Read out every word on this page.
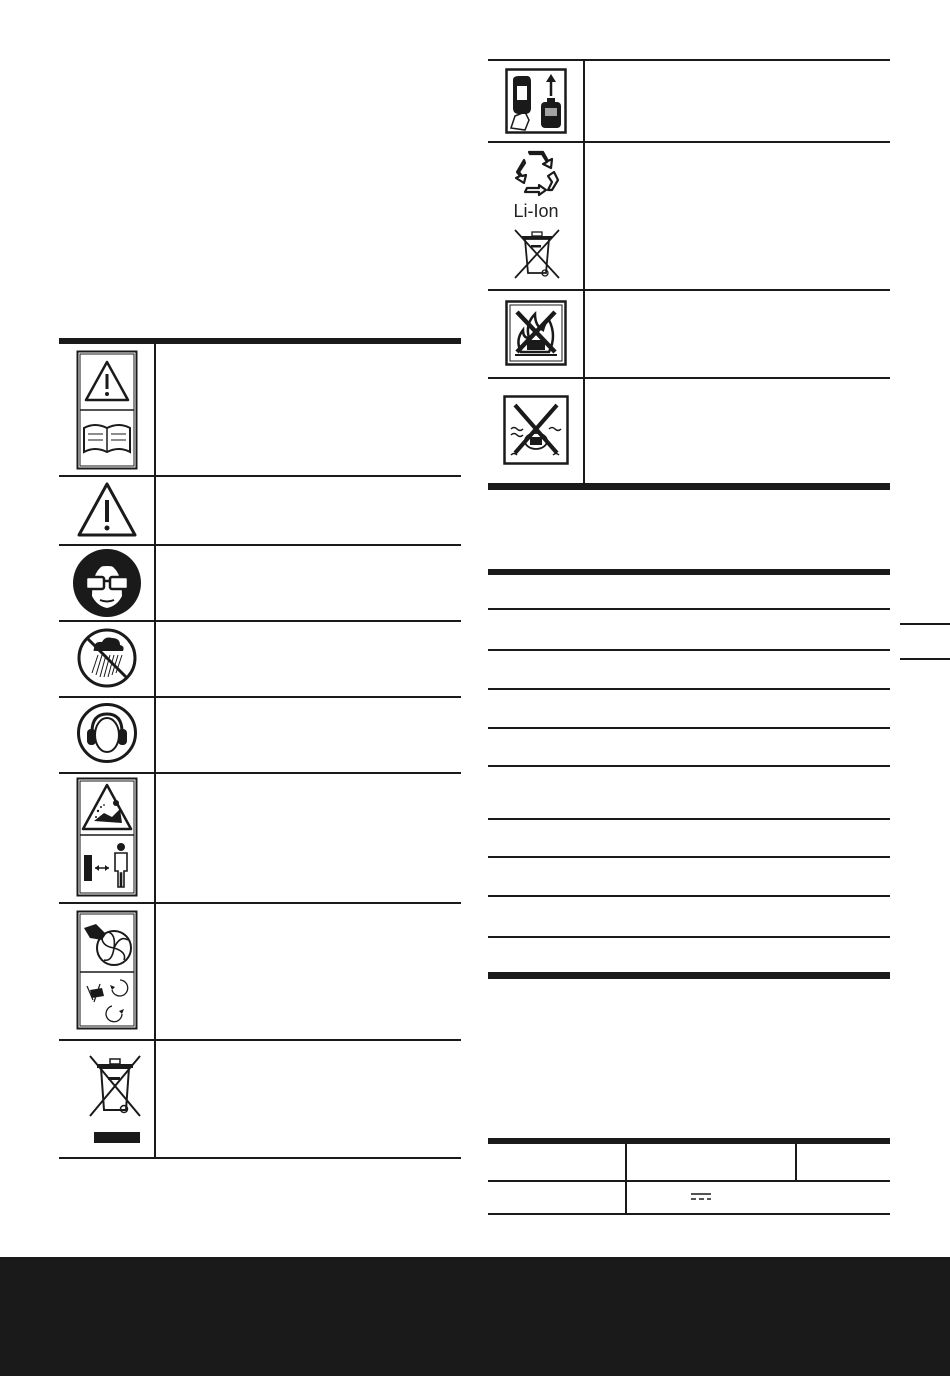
Li-Ion
